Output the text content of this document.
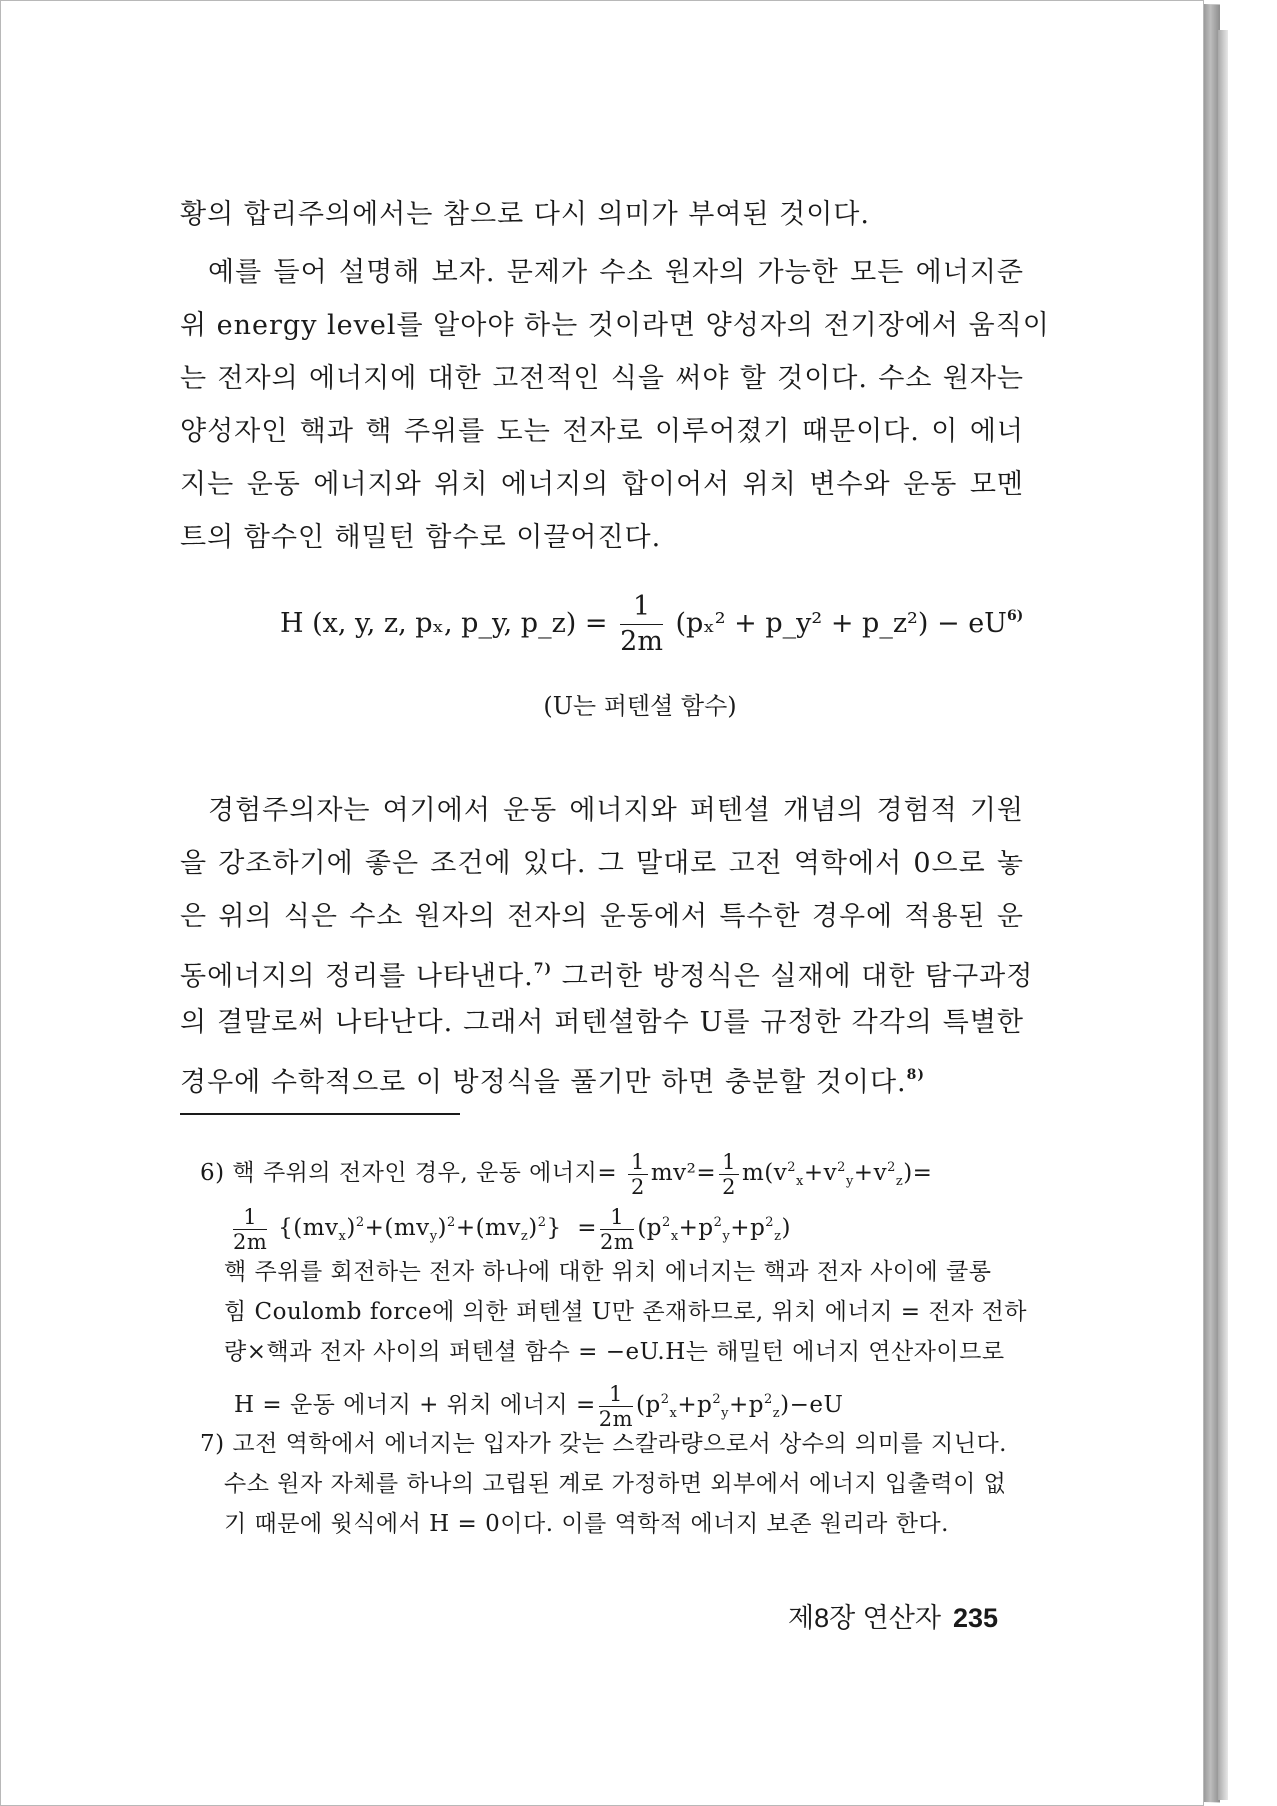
황의 합리주의에서는 참으로 다시 의미가 부여된 것이다.
예를 들어 설명해 보자. 문제가 수소 원자의 가능한 모든 에너지준
위 energy level를 알아야 하는 것이라면 양성자의 전기장에서 움직이
는 전자의 에너지에 대한 고전적인 식을 써야 할 것이다. 수소 원자는
양성자인 핵과 핵 주위를 도는 전자로 이루어졌기 때문이다. 이 에너
지는 운동 에너지와 위치 에너지의 합이어서 위치 변수와 운동 모멘
트의 함수인 해밀턴 함수로 이끌어진다.
H (x, y, z, pₓ, p_y, p_z) = $\frac{1}{2m} (p_x^2$ + p_y² + p_z²) − eU$^{6)}$
(U는 퍼텐셜 함수)
경험주의자는 여기에서 운동 에너지와 퍼텐셜 개념의 경험적 기원
을 강조하기에 좋은 조건에 있다. 그 말대로 고전 역학에서 0으로 놓
은 위의 식은 수소 원자의 전자의 운동에서 특수한 경우에 적용된 운
동에너지의 정리를 나타낸다.$^{7)}$ 그러한 방정식은 실재에 대한 탐구과정
의 결말로써 나타난다. 그래서 퍼텐셜함수 U를 규정한 각각의 특별한
경우에 수학적으로 이 방정식을 풀기만 하면 충분할 것이다.$^{8)}$
6) 핵 주위의 전자인 경우, 운동 에너지= $\frac{1}{2} mv^2= \frac{1}{2} m(v^2_x+v^2_y+v^2_z)=$
$\frac{1}{2m} \{(mv_x)^2+(mv_y)^2+(mv_z)^2\} = \frac{1}{2m} (p^2_x+p^2_y+p^2_z)$
핵 주위를 회전하는 전자 하나에 대한 위치 에너지는 핵과 전자 사이에 쿨롱
힘 Coulomb force에 의한 퍼텐셜 U만 존재하므로, 위치 에너지 = 전자 전하
량×핵과 전자 사이의 퍼텐셜 함수 = −eU.H는 해밀턴 에너지 연산자이므로
H = 운동 에너지 + 위치 에너지 = $\frac{1}{2m} (p^2_x+p^2_y+p^2_z)-eU$
7) 고전 역학에서 에너지는 입자가 갖는 스칼라량으로서 상수의 의미를 지닌다.
수소 원자 자체를 하나의 고립된 계로 가정하면 외부에서 에너지 입출력이 없
기 때문에 윗식에서 H = 0이다. 이를 역학적 에너지 보존 원리라 한다.
제8장 연산자 235
